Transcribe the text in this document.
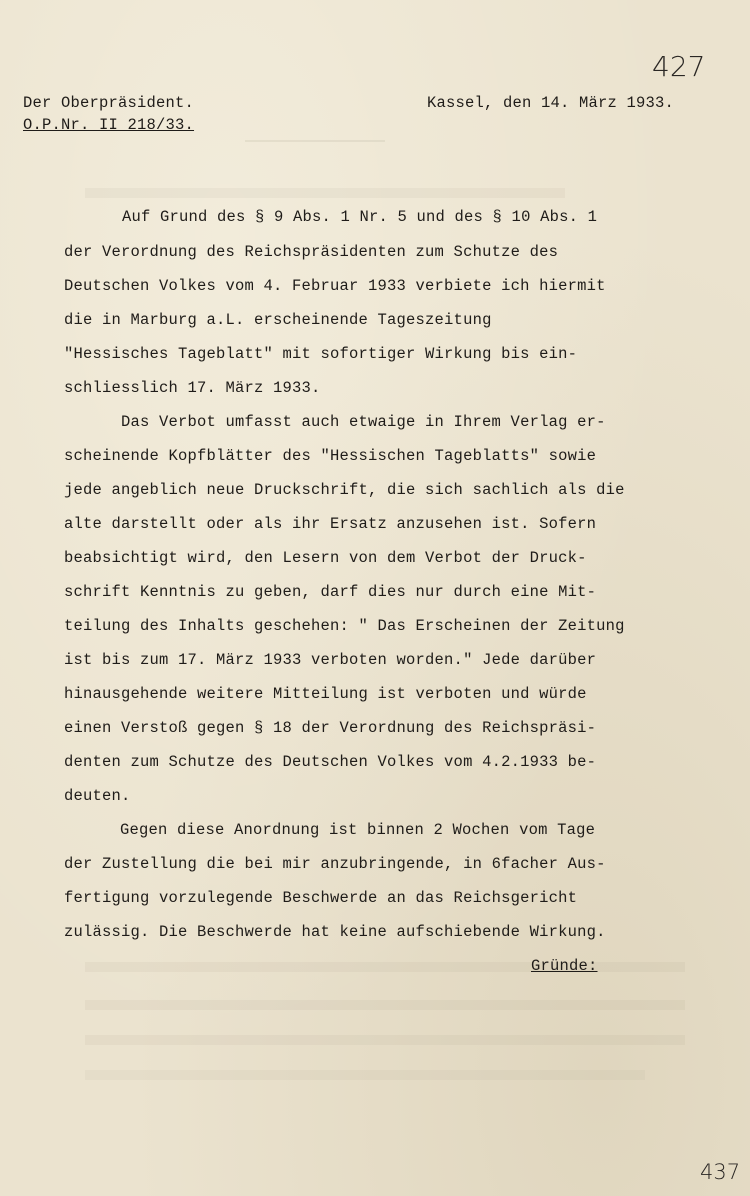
427
437
Der Oberpräsident.
O.P.Nr. II 218/33.
Kassel, den 14. März 1933.
Auf Grund des § 9 Abs. 1 Nr. 5 und des § 10 Abs. 1
der Verordnung des Reichspräsidenten zum Schutze des
Deutschen Volkes vom 4. Februar 1933 verbiete ich hiermit
die in Marburg a.L. erscheinende Tageszeitung
"Hessisches Tageblatt" mit sofortiger Wirkung bis ein-
schliesslich 17. März 1933.
Das Verbot umfasst auch etwaige in Ihrem Verlag er-
scheinende Kopfblätter des "Hessischen Tageblatts" sowie
jede angeblich neue Druckschrift, die sich sachlich als die
alte darstellt oder als ihr Ersatz anzusehen ist. Sofern
beabsichtigt wird, den Lesern von dem Verbot der Druck-
schrift Kenntnis zu geben, darf dies nur durch eine Mit-
teilung des Inhalts geschehen: " Das Erscheinen der Zeitung
ist bis zum 17. März 1933 verboten worden." Jede darüber
hinausgehende weitere Mitteilung ist verboten und würde
einen Verstoß gegen § 18 der Verordnung des Reichspräsi-
denten zum Schutze des Deutschen Volkes vom 4.2.1933 be-
deuten.
Gegen diese Anordnung ist binnen 2 Wochen vom Tage
der Zustellung die bei mir anzubringende, in 6facher Aus-
fertigung vorzulegende Beschwerde an das Reichsgericht
zulässig. Die Beschwerde hat keine aufschiebende Wirkung.
Gründe:
